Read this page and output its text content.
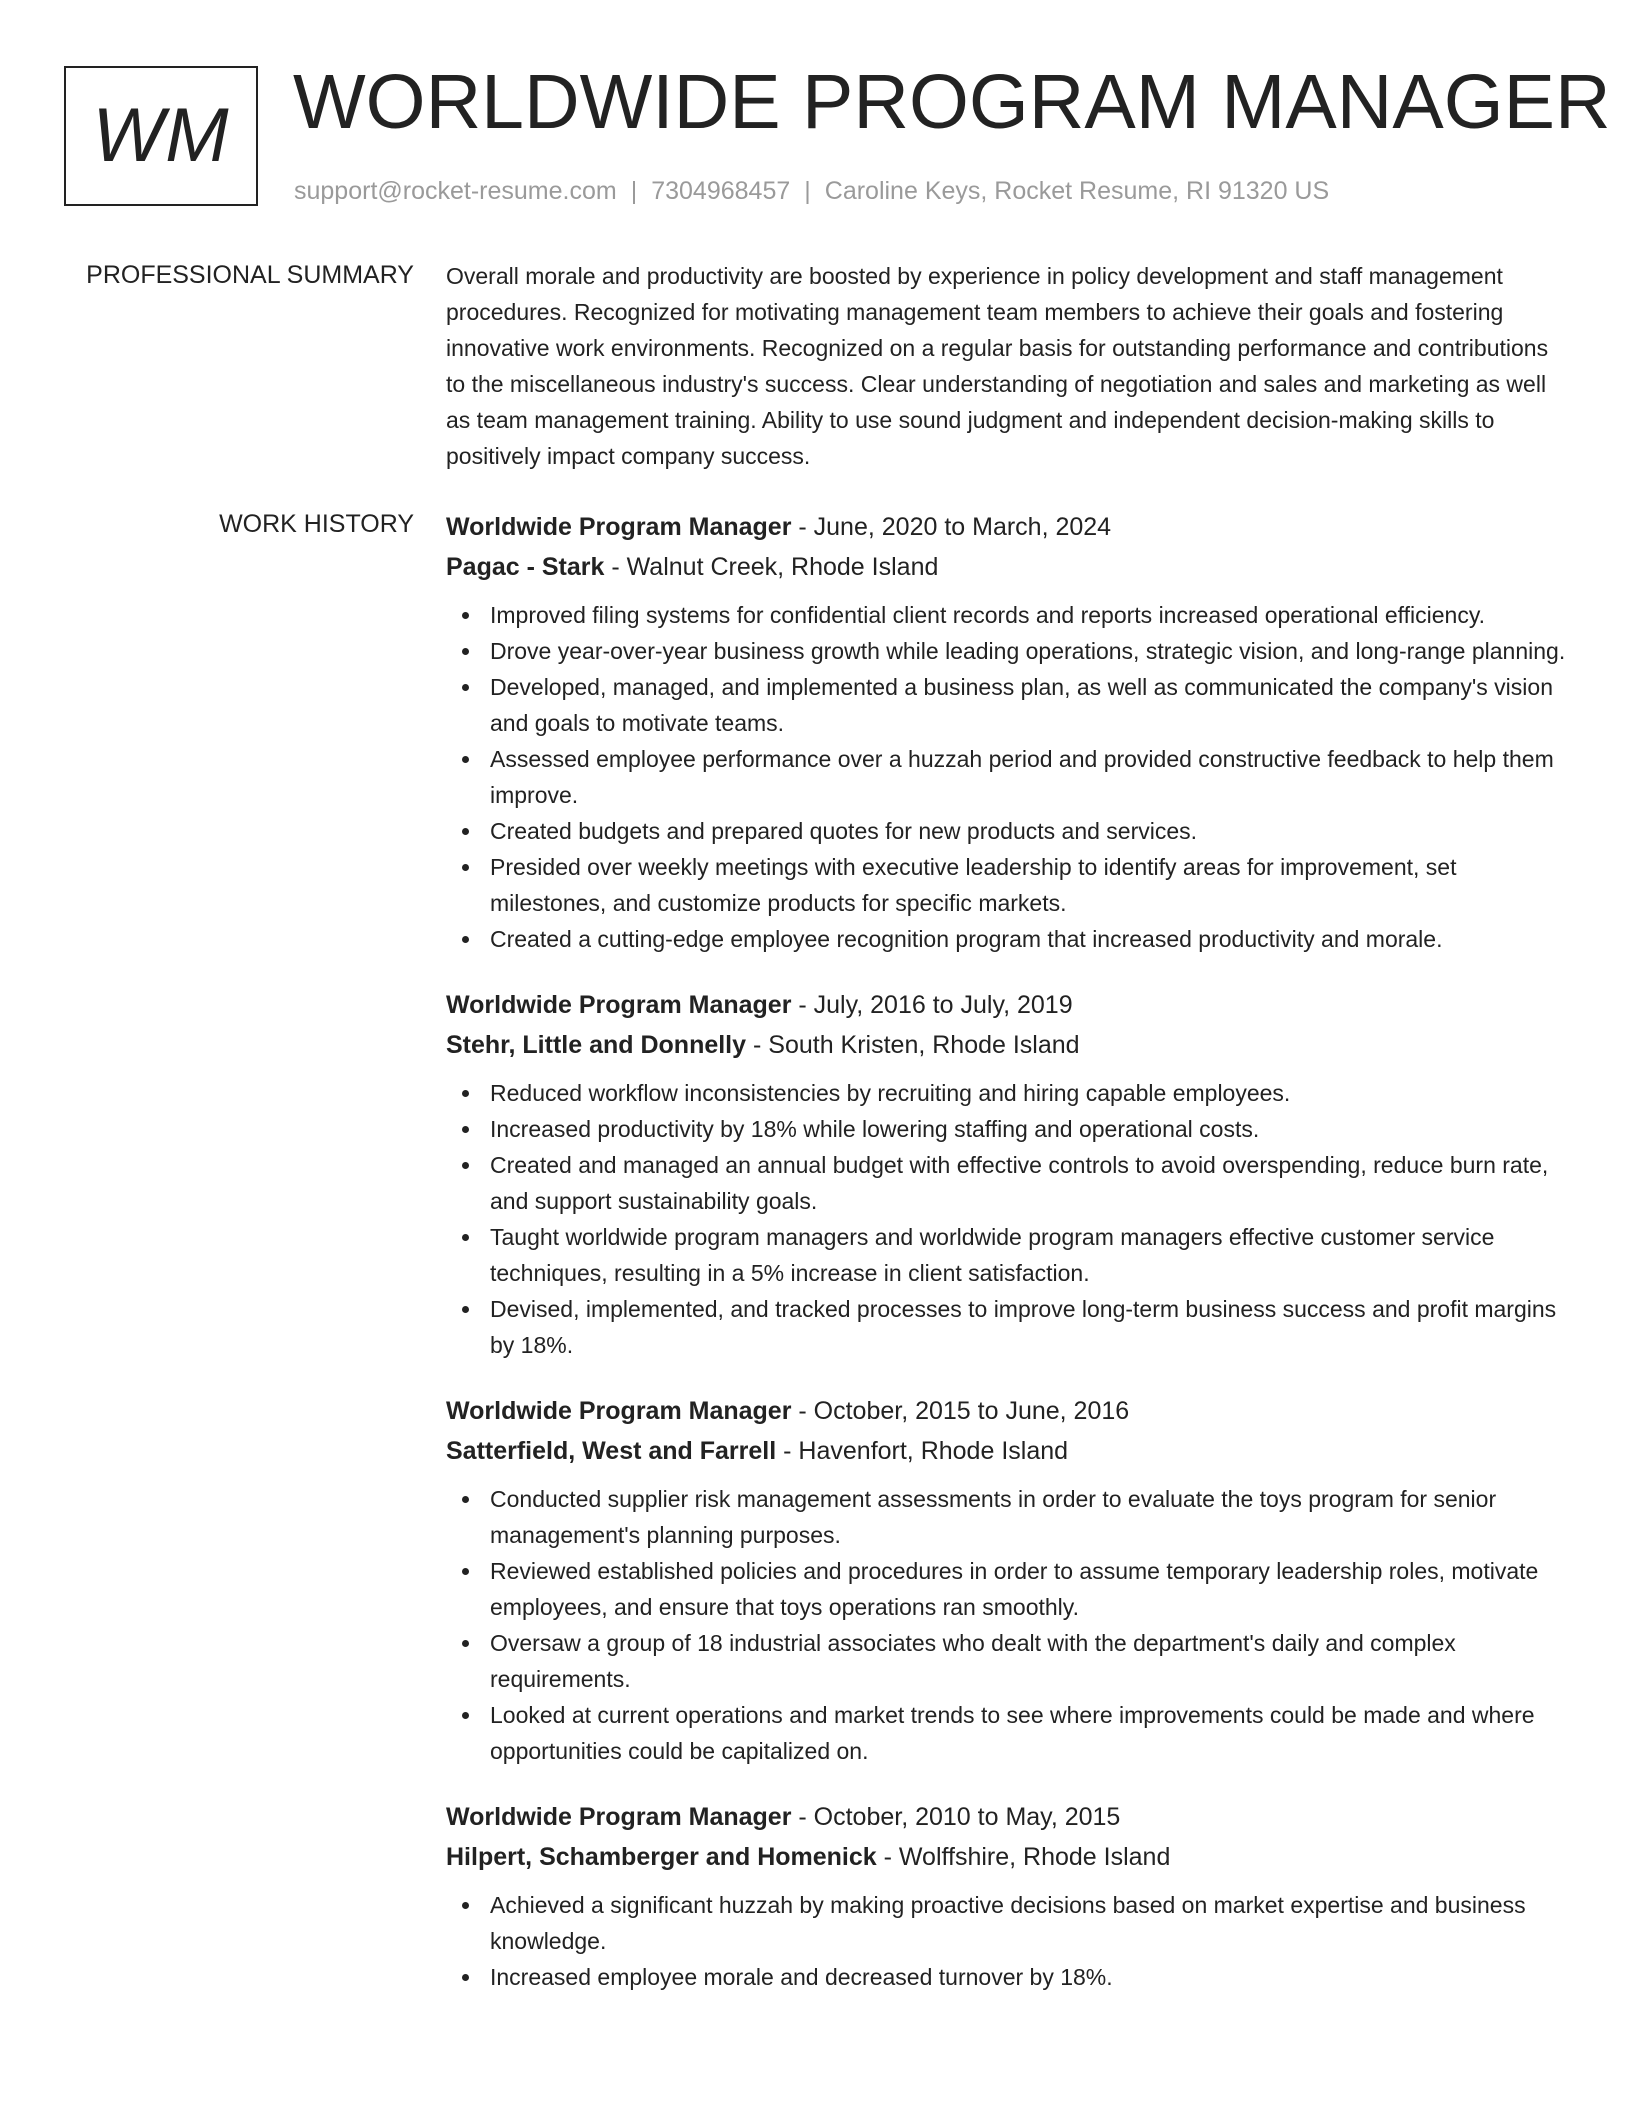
WM WORLDWIDE PROGRAM MANAGER
support@rocket-resume.com | 7304968457 | Caroline Keys, Rocket Resume, RI 91320 US
PROFESSIONAL SUMMARY Overall morale and productivity are boosted by experience in policy development and staff management procedures. Recognized for motivating management team members to achieve their goals and fostering innovative work environments. Recognized on a regular basis for outstanding performance and contributions to the miscellaneous industry's success. Clear understanding of negotiation and sales and marketing as well as team management training. Ability to use sound judgment and independent decision-making skills to positively impact company success.

WORK HISTORY Worldwide Program Manager - June, 2020 to March, 2024
Pagac - Stark - Walnut Creek, Rhode Island
Improved filing systems for confidential client records and reports increased operational efficiency.
Drove year-over-year business growth while leading operations, strategic vision, and long-range planning.
Developed, managed, and implemented a business plan, as well as communicated the company's vision and goals to motivate teams.
Assessed employee performance over a huzzah period and provided constructive feedback to help them improve.
Created budgets and prepared quotes for new products and services.
Presided over weekly meetings with executive leadership to identify areas for improvement, set milestones, and customize products for specific markets.
Created a cutting-edge employee recognition program that increased productivity and morale.
Worldwide Program Manager - July, 2016 to July, 2019
Stehr, Little and Donnelly - South Kristen, Rhode Island
Reduced workflow inconsistencies by recruiting and hiring capable employees.
Increased productivity by 18% while lowering staffing and operational costs.
Created and managed an annual budget with effective controls to avoid overspending, reduce burn rate, and support sustainability goals.
Taught worldwide program managers and worldwide program managers effective customer service techniques, resulting in a 5% increase in client satisfaction.
Devised, implemented, and tracked processes to improve long-term business success and profit margins by 18%.
Worldwide Program Manager - October, 2015 to June, 2016
Satterfield, West and Farrell - Havenfort, Rhode Island
Conducted supplier risk management assessments in order to evaluate the toys program for senior management's planning purposes.
Reviewed established policies and procedures in order to assume temporary leadership roles, motivate employees, and ensure that toys operations ran smoothly.
Oversaw a group of 18 industrial associates who dealt with the department's daily and complex requirements.
Looked at current operations and market trends to see where improvements could be made and where opportunities could be capitalized on.
Worldwide Program Manager - October, 2010 to May, 2015
Hilpert, Schamberger and Homenick - Wolffshire, Rhode Island
Achieved a significant huzzah by making proactive decisions based on market expertise and business knowledge.
Increased employee morale and decreased turnover by 18%.
